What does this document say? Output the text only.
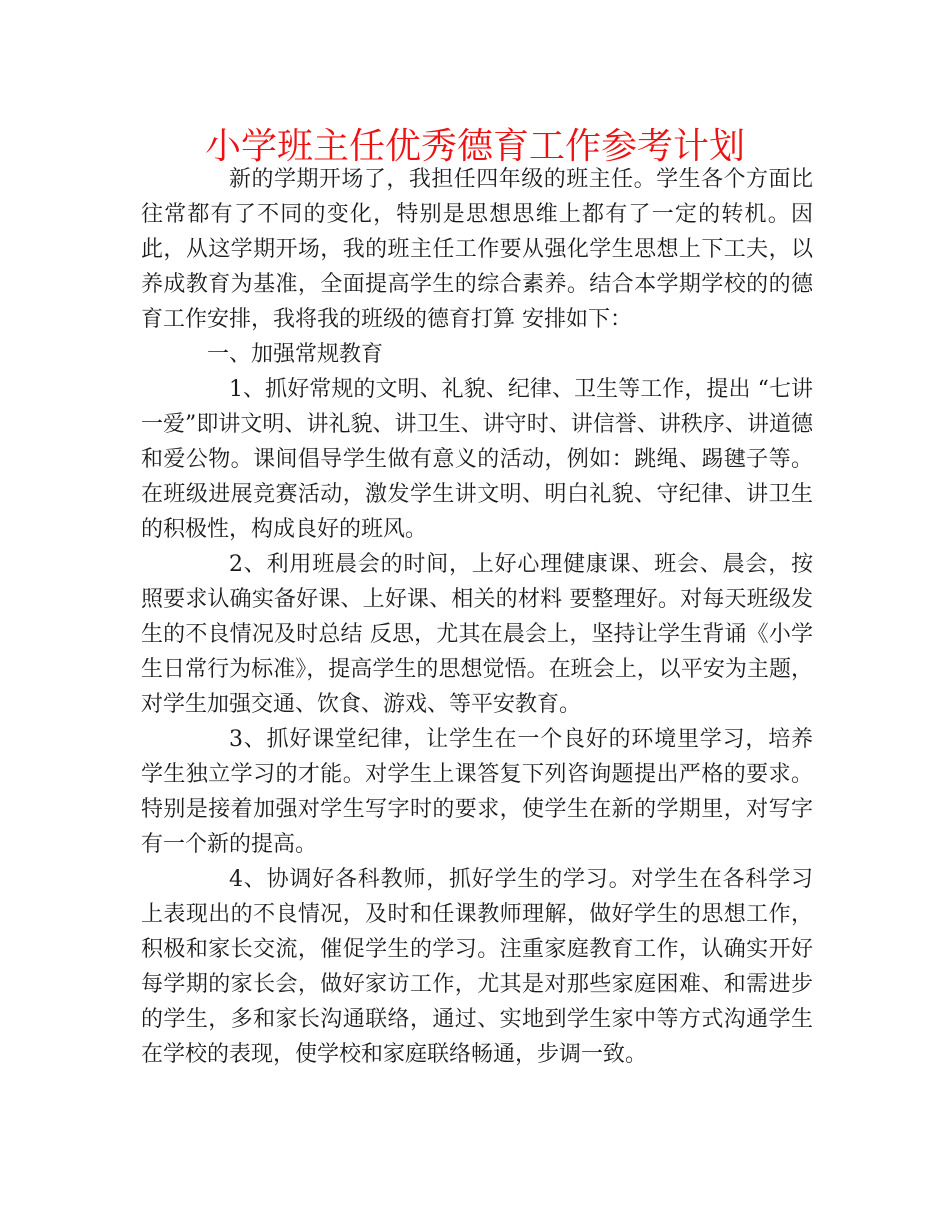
小学班主任优秀德育工作参考计划

新的学期开场了，我担任四年级的班主任。学生各个方面比往常都有了不同的变化，特别是思想思维上都有了一定的转机。因此，从这学期开场，我的班主任工作要从强化学生思想上下工夫，以养成教育为基准，全面提高学生的综合素养。结合本学期学校的的德育工作安排，我将我的班级的德育打算 安排如下：

一、加强常规教育

1、抓好常规的文明、礼貌、纪律、卫生等工作，提出 “七讲一爱”即讲文明、讲礼貌、讲卫生、讲守时、讲信誉、讲秩序、讲道德和爱公物。课间倡导学生做有意义的活动，例如：跳绳、踢毽子等。在班级进展竞赛活动，激发学生讲文明、明白礼貌、守纪律、讲卫生的积极性，构成良好的班风。

2、利用班晨会的时间，上好心理健康课、班会、晨会，按照要求认确实备好课、上好课、相关的材料 要整理好。对每天班级发生的不良情况及时总结 反思，尤其在晨会上，坚持让学生背诵《小学生日常行为标准》，提高学生的思想觉悟。在班会上，以平安为主题，对学生加强交通、饮食、游戏、等平安教育。

3、抓好课堂纪律，让学生在一个良好的环境里学习，培养学生独立学习的才能。对学生上课答复下列咨询题提出严格的要求。特别是接着加强对学生写字时的要求，使学生在新的学期里，对写字有一个新的提高。

4、协调好各科教师，抓好学生的学习。对学生在各科学习上表现出的不良情况，及时和任课教师理解，做好学生的思想工作，积极和家长交流，催促学生的学习。注重家庭教育工作，认确实开好每学期的家长会，做好家访工作，尤其是对那些家庭困难、和需进步的学生，多和家长沟通联络，通过、实地到学生家中等方式沟通学生在学校的表现，使学校和家庭联络畅通，步调一致。
